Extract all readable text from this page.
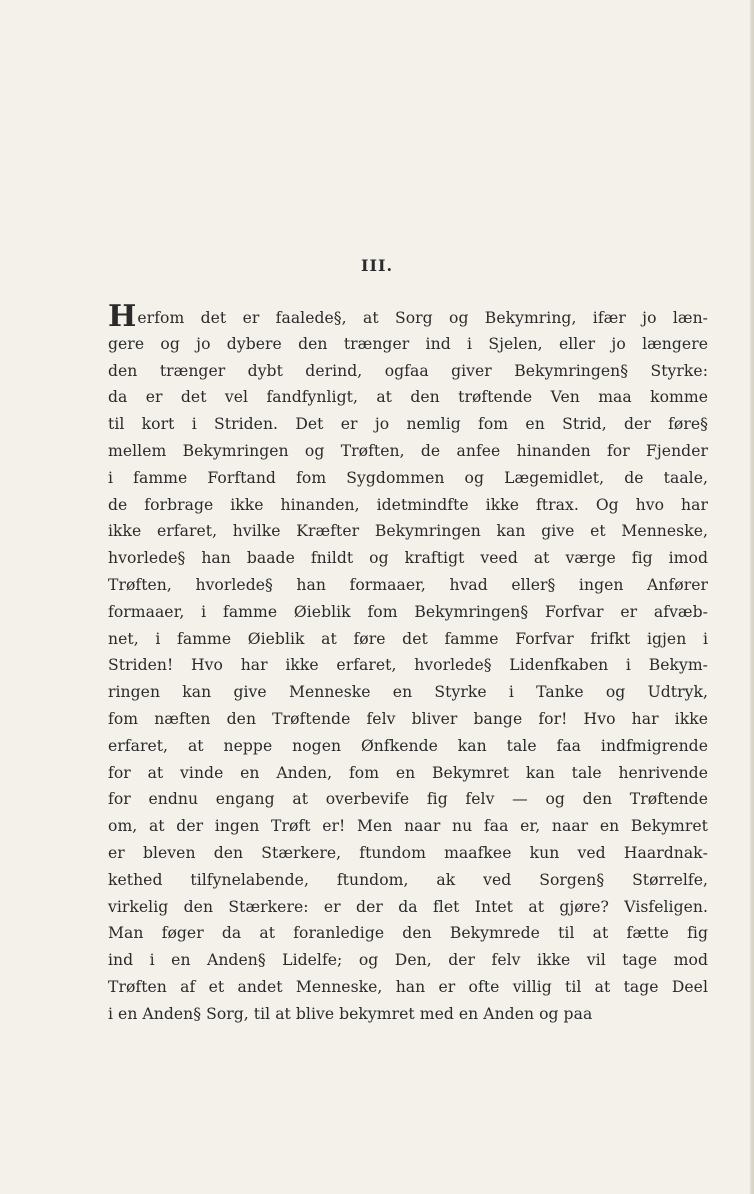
III.
Herfom det er faalede§, at Sorg og Bekymring, ifær jo læn‑
gere og jo dybere den trænger ind i Sjelen, eller jo længere
den trænger dybt derind, ogfaa giver Bekymringen§ Styrke:
da er det vel fandfynligt, at den trøftende Ven maa komme
til kort i Striden. Det er jo nemlig fom en Strid, der føre§
mellem Bekymringen og Trøften, de anfee hinanden for Fjender
i famme Forftand fom Sygdommen og Lægemidlet, de taale,
de forbrage ikke hinanden, idetmindfte ikke ftrax. Og hvo har
ikke erfaret, hvilke Kræfter Bekymringen kan give et Menneske,
hvorlede§ han baade fnildt og kraftigt veed at værge fig imod
Trøften, hvorlede§ han formaaer, hvad eller§ ingen Anfører
formaaer, i famme Øieblik fom Bekymringen§ Forfvar er afvæb‑
net, i famme Øieblik at føre det famme Forfvar frifkt igjen i
Striden! Hvo har ikke erfaret, hvorlede§ Lidenfkaben i Bekym‑
ringen kan give Menneske en Styrke i Tanke og Udtryk,
fom næften den Trøftende felv bliver bange for! Hvo har ikke
erfaret, at neppe nogen Ønfkende kan tale faa indfmigrende
for at vinde en Anden, fom en Bekymret kan tale henrivende
for endnu engang at overbevife fig felv — og den Trøftende
om, at der ingen Trøft er! Men naar nu faa er, naar en Bekymret
er bleven den Stærkere, ftundom maafkee kun ved Haardnak‑
kethed tilfynelabende, ftundom, ak ved Sorgen§ Størrelfe,
virkelig den Stærkere: er der da flet Intet at gjøre? Visfeligen.
Man føger da at foranledige den Bekymrede til at fætte fig
ind i en Anden§ Lidelfe; og Den, der felv ikke vil tage mod
Trøften af et andet Menneske, han er ofte villig til at tage Deel
i en Anden§ Sorg, til at blive bekymret med en Anden og paa
